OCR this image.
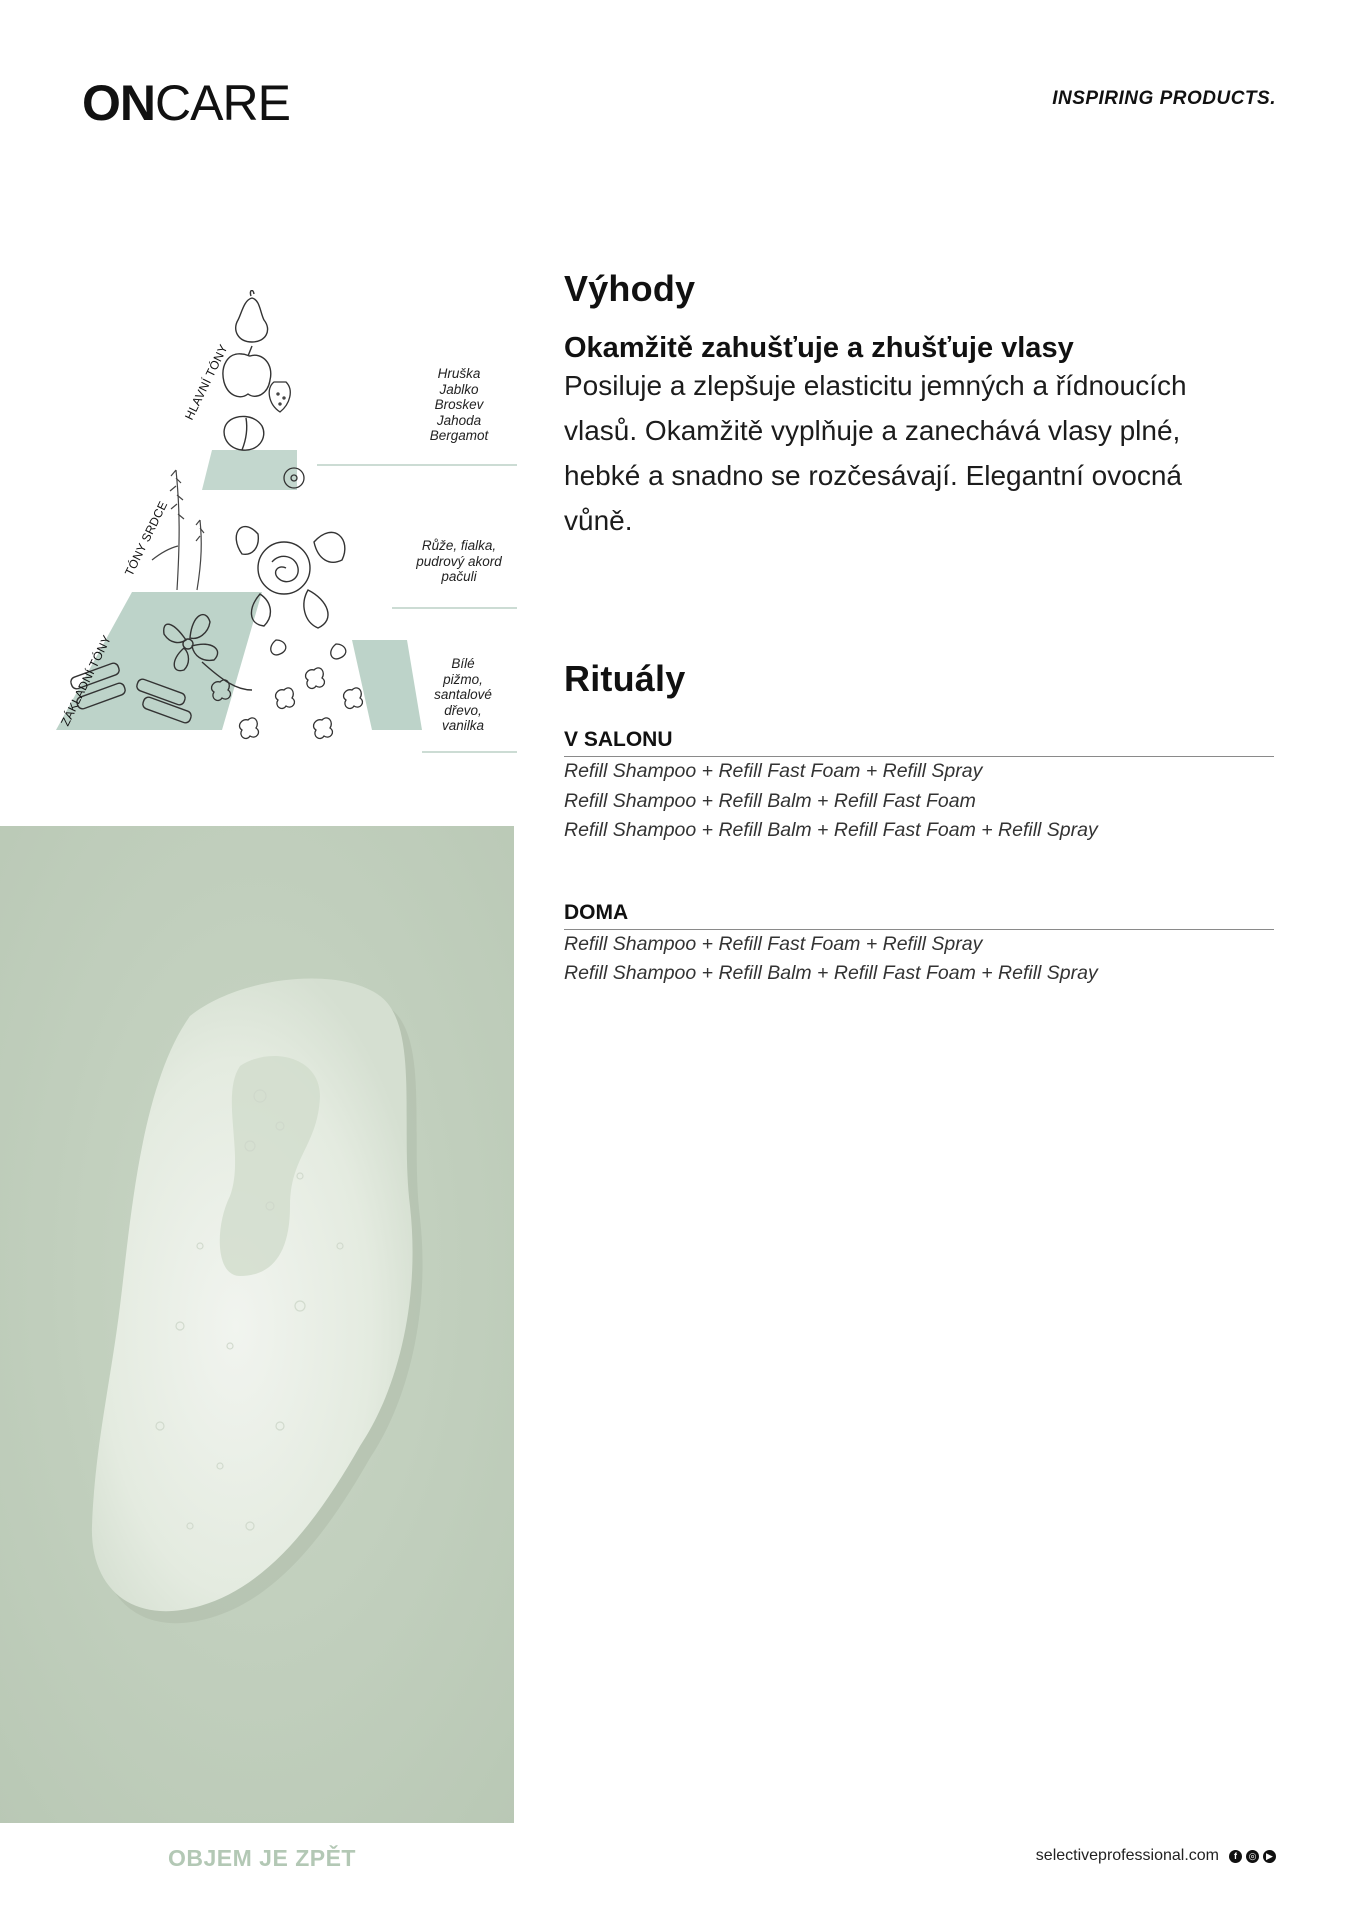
ONCARE	INSPIRING PRODUCTS.
HLAVNÍ TÓNY
TÓNY SRDCE
ZÁKLADNÍ TÓNY
Hruška
Jablko
Broskev
Jahoda
Bergamot
Růže, fialka,
pudrový akord
pačuli
Bílé
pižmo,
santalové
dřevo,
vanilka
Výhody
Okamžitě zahušťuje a zhušťuje vlasy
Posiluje a zlepšuje elasticitu jemných a řídnoucích
vlasů. Okamžitě vyplňuje a zanechává vlasy plné,
hebké a snadno se rozčesávají. Elegantní ovocná
vůně.
Rituály
V SALONU
Refill Shampoo + Refill Fast Foam + Refill Spray
Refill Shampoo + Refill Balm + Refill Fast Foam
Refill Shampoo + Refill Balm + Refill Fast Foam + Refill Spray
DOMA
Refill Shampoo + Refill Fast Foam + Refill Spray
Refill Shampoo + Refill Balm + Refill Fast Foam + Refill Spray
OBJEM JE ZPĚT	selectiveprofessional.com	f	◎	▶
